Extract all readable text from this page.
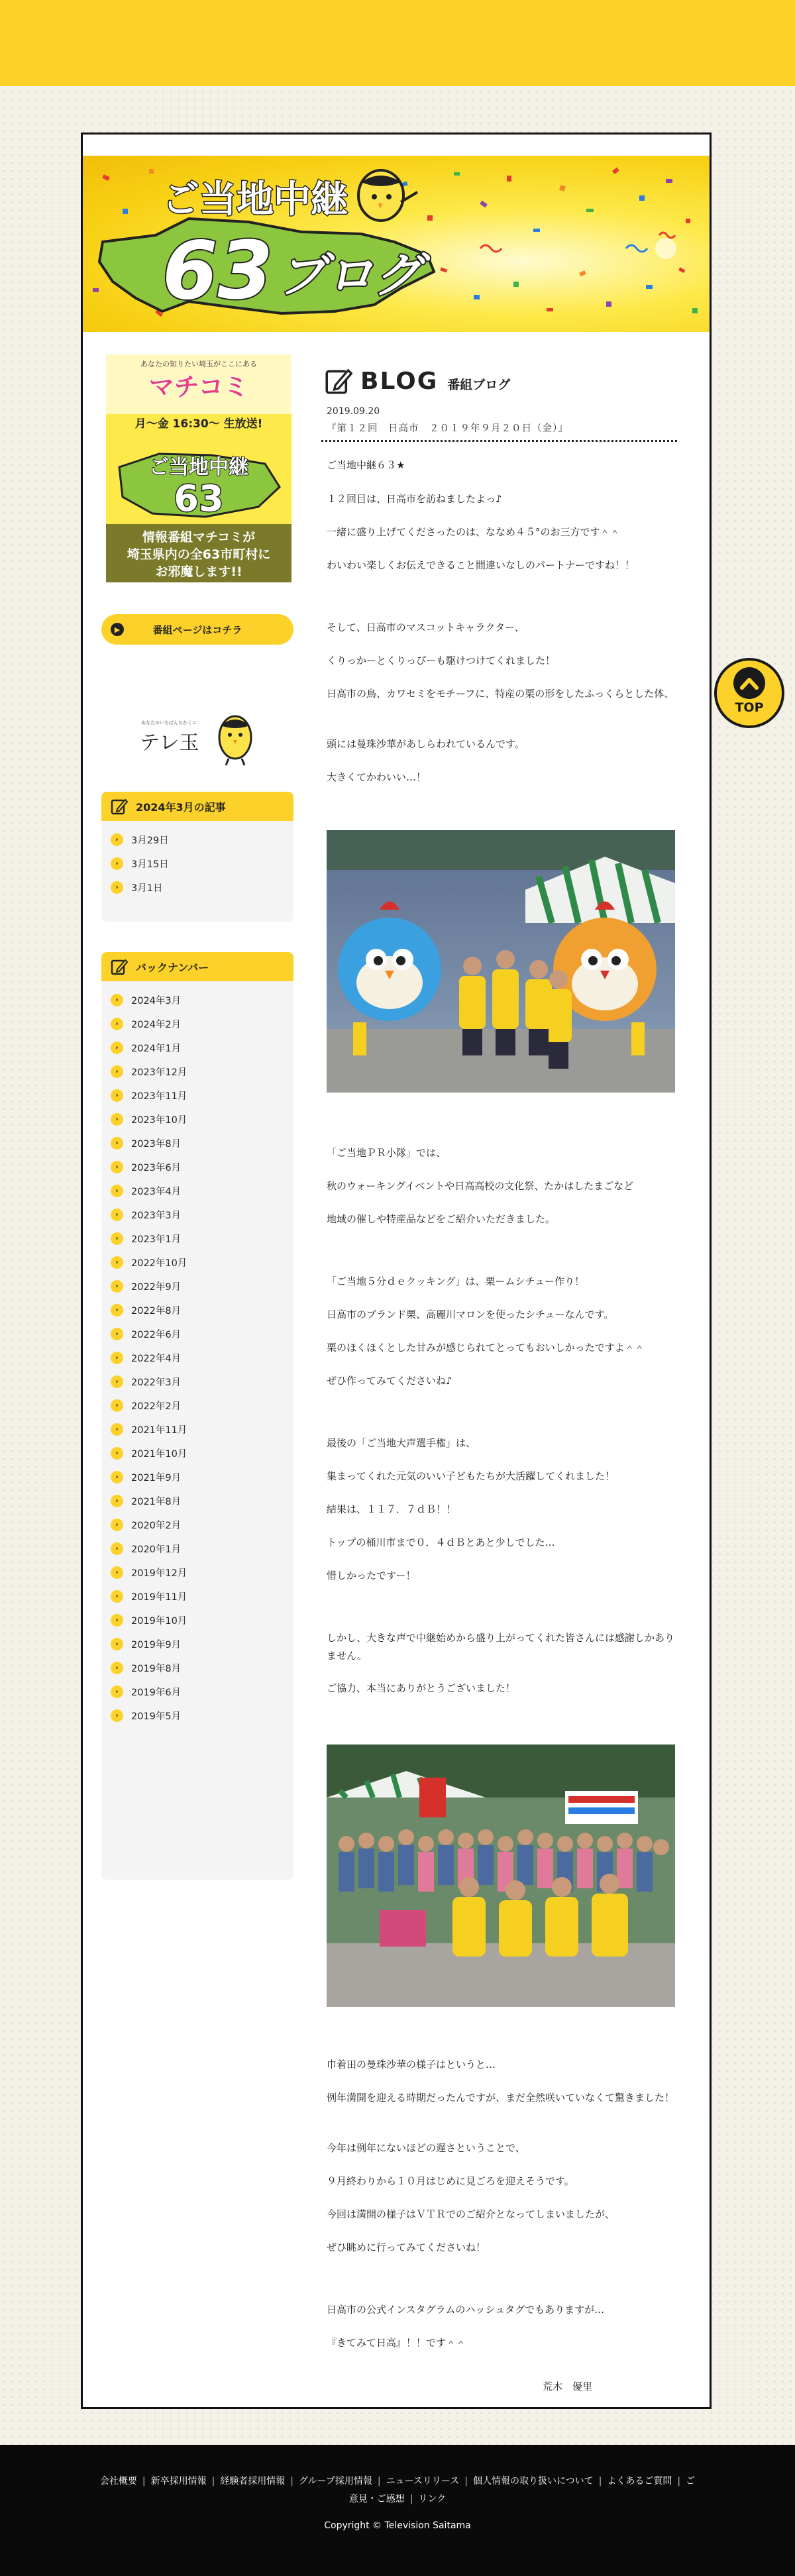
ご当地中継
63 ブログ
あなたの知りたい埼玉がここにある
マチコミ
月〜金 16:30〜 生放送!
ご当地中継
63
情報番組マチコミが
埼玉県内の全63市町村に
お邪魔します!!
▶	番組ページはコチラ
あなたのいちばんちかくに
テレ玉
2024年3月の記事
›	3月29日
›	3月15日
›	3月1日
バックナンバー
›	2024年3月
›	2024年2月
›	2024年1月
›	2023年12月
›	2023年11月
›	2023年10月
›	2023年8月
›	2023年6月
›	2023年4月
›	2023年3月
›	2023年1月
›	2022年10月
›	2022年9月
›	2022年8月
›	2022年6月
›	2022年4月
›	2022年3月
›	2022年2月
›	2021年11月
›	2021年10月
›	2021年9月
›	2021年8月
›	2020年2月
›	2020年1月
›	2019年12月
›	2019年11月
›	2019年10月
›	2019年9月
›	2019年8月
›	2019年6月
›	2019年5月
BLOG 番組ブログ
2019.09.20
『第１２回　日高市　２０１９年９月２０日（金）』

ご当地中継６３★

１２回目は、日高市を訪ねましたよっ♪

一緒に盛り上げてくださったのは、ななめ４５°のお三方です＾＾

わいわい楽しくお伝えできること間違いなしのパートナーですね！！

そして、日高市のマスコットキャラクター、

くりっかーとくりっぴーも駆けつけてくれました！

日高市の鳥、カワセミをモチーフに、特産の栗の形をしたふっくらとした体、

頭には曼珠沙華があしらわれているんです。

大きくてかわいい…！

「ご当地ＰＲ小隊」では、

秋のウォーキングイベントや日高高校の文化祭、たかはしたまごなど

地域の催しや特産品などをご紹介いただきました。

「ご当地５分ｄｅクッキング」は、栗ームシチュー作り！

日高市のブランド栗、高麗川マロンを使ったシチューなんです。

栗のほくほくとした甘みが感じられてとってもおいしかったですよ＾＾

ぜひ作ってみてくださいね♪

最後の「ご当地大声選手権」は、

集まってくれた元気のいい子どもたちが大活躍してくれました！

結果は、１１７．７ｄＢ！！

トップの桶川市まで０．４ｄＢとあと少しでした…

惜しかったですー！

しかし、大きな声で中継始めから盛り上がってくれた皆さんには感謝しかありません。

ご協力、本当にありがとうございました！

巾着田の曼珠沙華の様子はというと…

例年満開を迎える時期だったんですが、まだ全然咲いていなくて驚きました！

今年は例年にないほどの遅さということで、

９月終わりから１０月はじめに見ごろを迎えそうです。

今回は満開の様子はＶＴＲでのご紹介となってしまいましたが、

ぜひ眺めに行ってみてくださいね！

日高市の公式インスタグラムのハッシュタグでもありますが…

『きてみて日高』！！です＾＾

荒木　優里
TOP
会社概要 | 新卒採用情報 | 経験者採用情報 | グループ採用情報 | ニュースリリース | 個人情報の取り扱いについて | よくあるご質問 | ご意見・ご感想 | リンク
Copyright © Television Saitama
